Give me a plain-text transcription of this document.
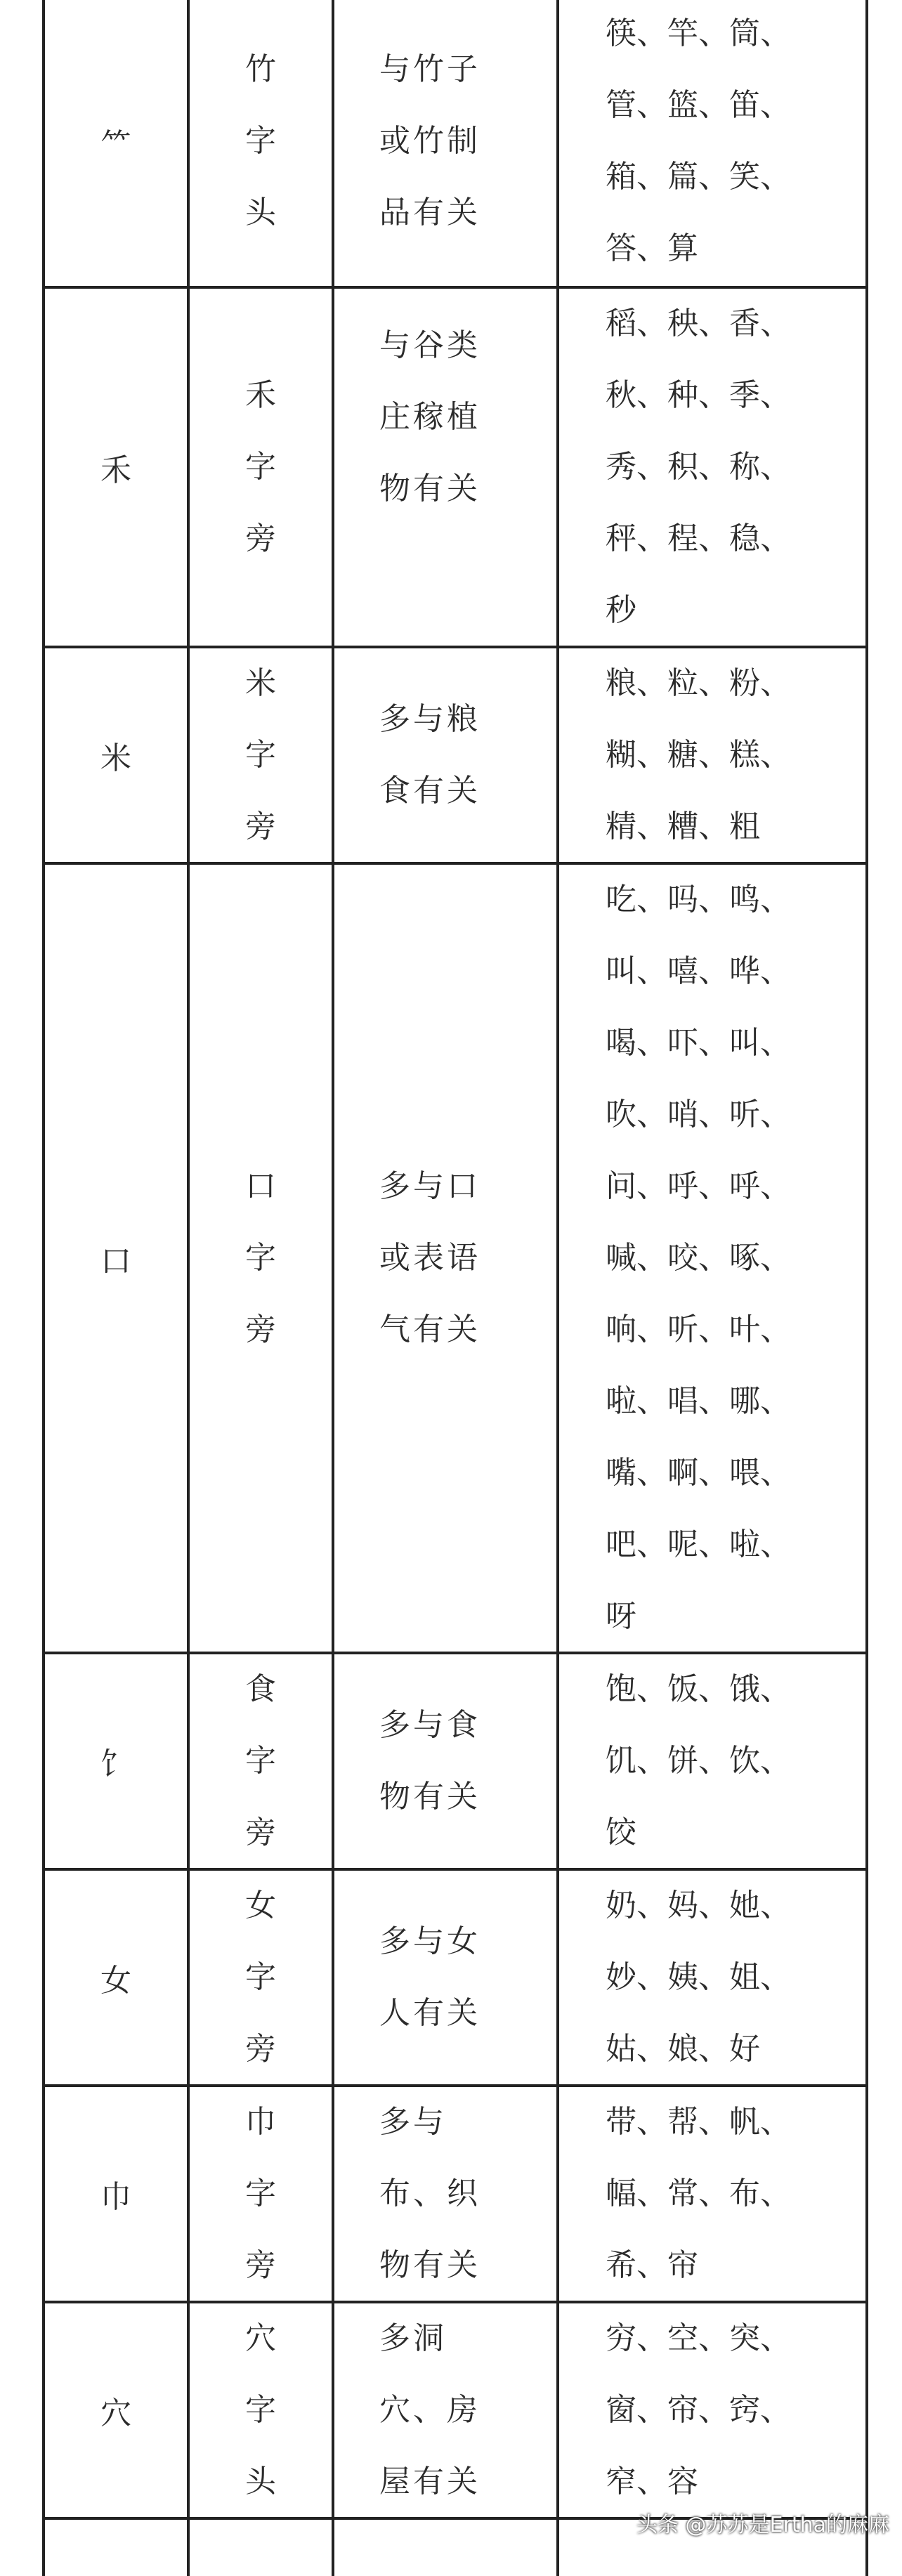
⺮
竹
字
头
与竹子或竹制品有关
筷、竿、筒、管、篮、笛、箱、篇、笑、答、算
禾
禾
字
旁
与谷类庄稼植物有关
稻、秧、香、秋、种、季、秀、积、称、秤、程、稳、秒
米
米
字
旁
多与粮食有关
粮、粒、粉、糊、糖、糕、精、糟、粗
口
口
字
旁
多与口或表语气有关
吃、吗、鸣、叫、嘻、哗、喝、吓、叫、吹、哨、听、问、呼、呼、喊、咬、啄、响、听、叶、啦、唱、哪、嘴、啊、喂、吧、呢、啦、呀
饣
食
字
旁
多与食物有关
饱、饭、饿、饥、饼、饮、饺
女
女
字
旁
多与女人有关
奶、妈、她、妙、姨、姐、姑、娘、好
巾
巾
字
旁
多与布、织物有关
带、帮、帆、幅、常、布、希、帘
穴
穴
字
头
多洞穴、房屋有关
穷、空、突、窗、帘、窍、窄、容
头条 @苏苏是Ertha的麻麻
